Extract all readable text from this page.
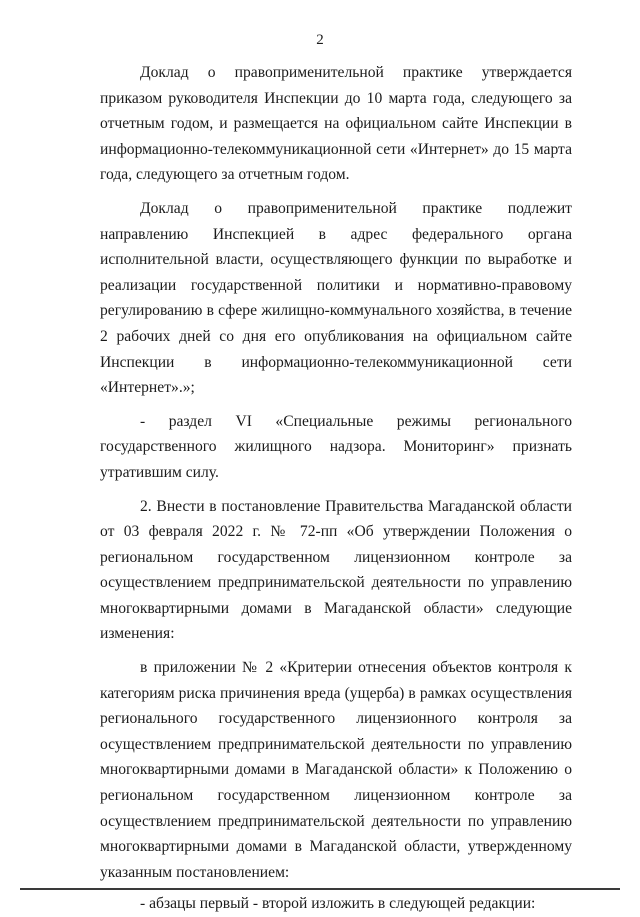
2

Доклад о правоприменительной практике утверждается приказом руководителя Инспекции до 10 марта года, следующего за отчетным годом, и размещается на официальном сайте Инспекции в информационно-телекоммуникационной сети «Интернет» до 15 марта года, следующего за отчетным годом.

Доклад о правоприменительной практике подлежит направлению Инспекцией в адрес федерального органа исполнительной власти, осуществляющего функции по выработке и реализации государственной политики и нормативно-правовому регулированию в сфере жилищно-коммунального хозяйства, в течение 2 рабочих дней со дня его опубликования на официальном сайте Инспекции в информационно-телекоммуникационной сети «Интернет».»;

- раздел VI «Специальные режимы регионального государственного жилищного надзора. Мониторинг» признать утратившим силу.

2. Внести в постановление Правительства Магаданской области от 03 февраля 2022 г. № 72-пп «Об утверждении Положения о региональном государственном лицензионном контроле за осуществлением предпринимательской деятельности по управлению многоквартирными домами в Магаданской области» следующие изменения:

в приложении № 2 «Критерии отнесения объектов контроля к категориям риска причинения вреда (ущерба) в рамках осуществления регионального государственного лицензионного контроля за осуществлением предпринимательской деятельности по управлению многоквартирными домами в Магаданской области» к Положению о региональном государственном лицензионном контроле за осуществлением предпринимательской деятельности по управлению многоквартирными домами в Магаданской области, утвержденному указанным постановлением:

- абзацы первый - второй изложить в следующей редакции:
